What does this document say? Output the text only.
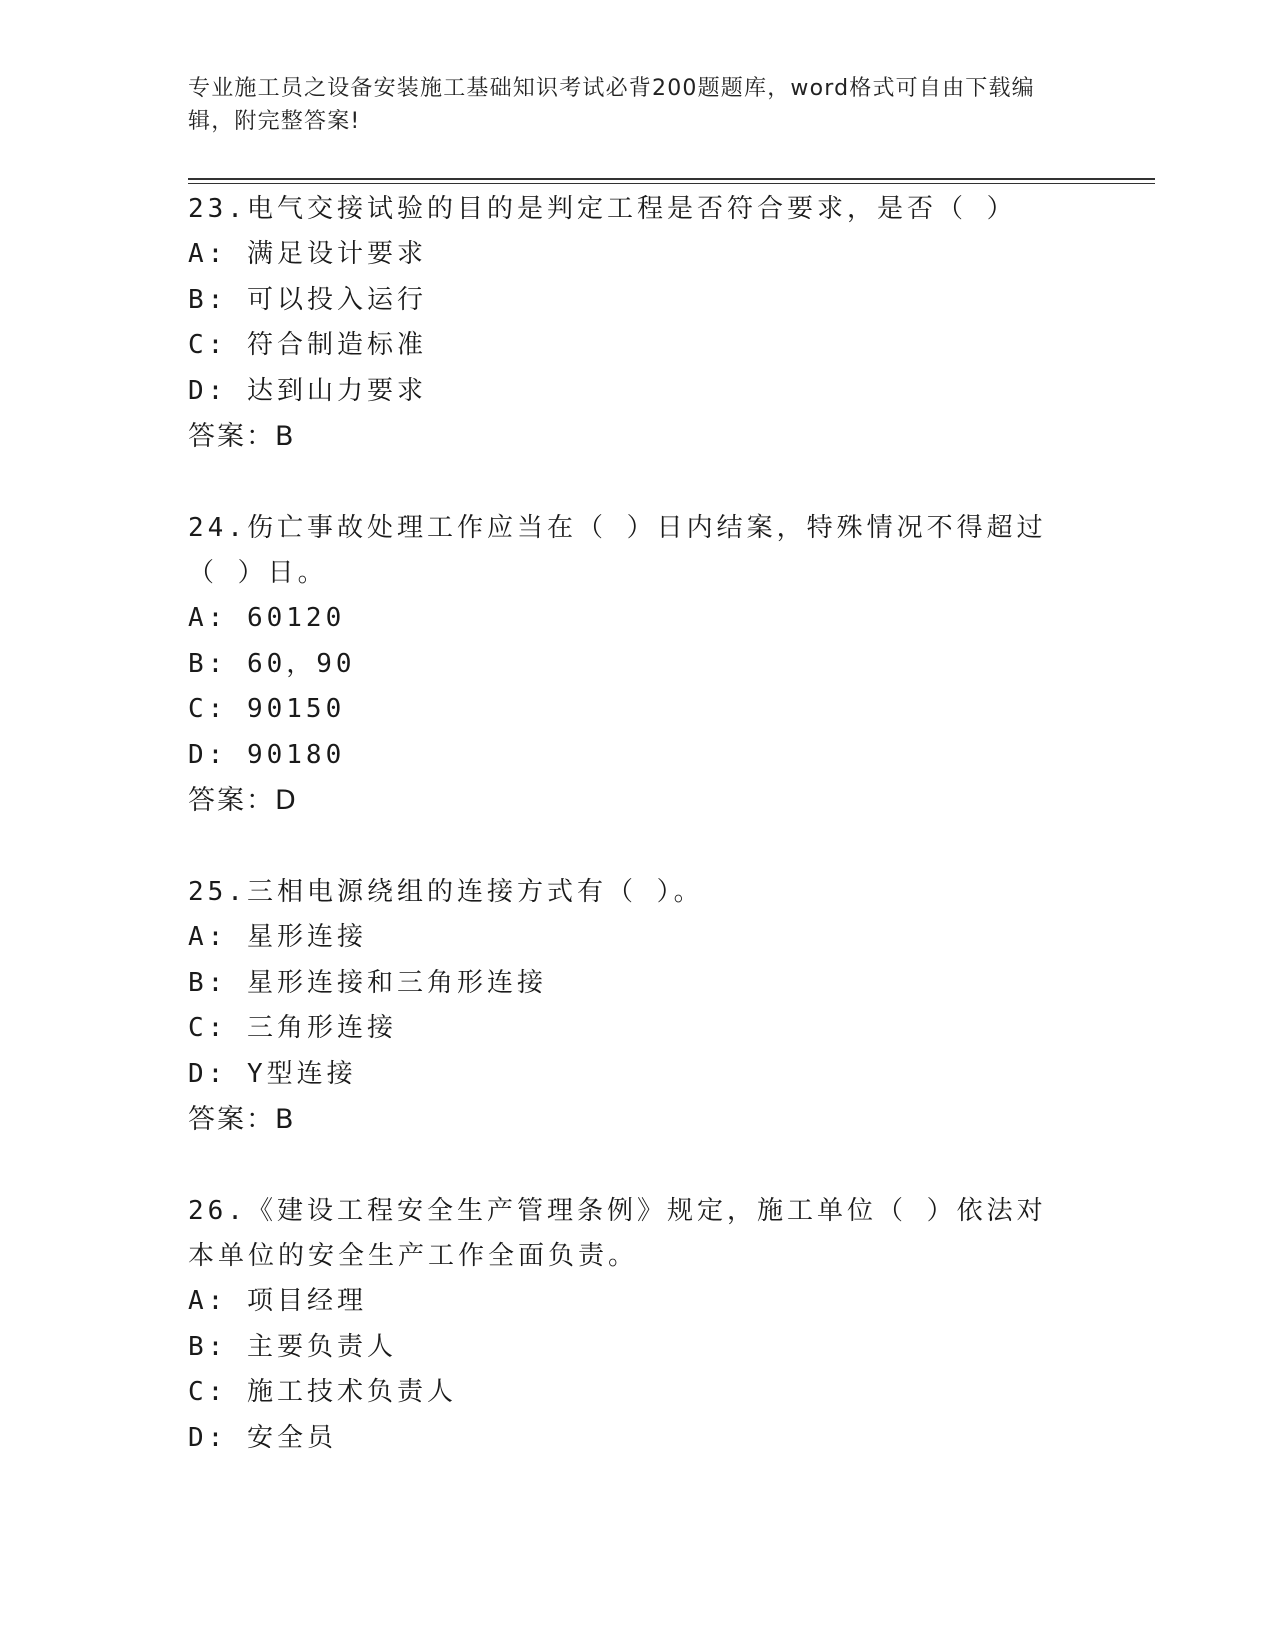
专业施工员之设备安装施工基础知识考试必背200题题库，word格式可自由下载编辑，附完整答案!

23.电气交接试验的目的是判定工程是否符合要求，是否（ ）

A: 满足设计要求

B: 可以投入运行

C: 符合制造标准

D: 达到山力要求

答案：B

24.伤亡事故处理工作应当在（ ）日内结案，特殊情况不得超过（ ）日。

A: 60120

B: 60，90

C: 90150

D: 90180

答案：D

25.三相电源绕组的连接方式有（ ）。

A: 星形连接

B: 星形连接和三角形连接

C: 三角形连接

D: Y型连接

答案：B

26.《建设工程安全生产管理条例》规定，施工单位（ ）依法对本单位的安全生产工作全面负责。

A: 项目经理

B: 主要负责人

C: 施工技术负责人

D: 安全员
